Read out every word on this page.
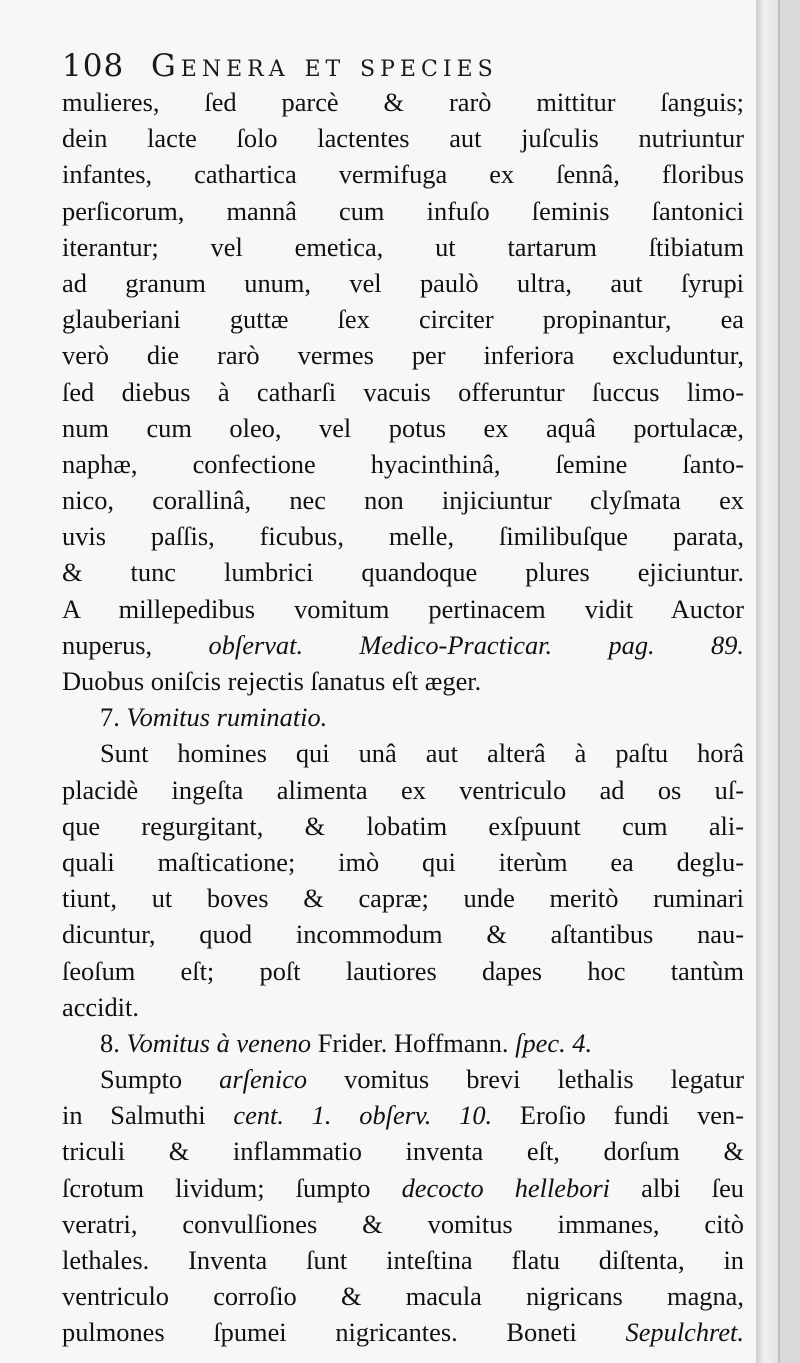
108 Genera et species
mulieres, ſed parcè & rarò mittitur ſanguis;
dein lacte ſolo lactentes aut juſculis nutriuntur
infantes, cathartica vermifuga ex ſennâ, floribus
perſicorum, mannâ cum infuſo ſeminis ſantonici
iterantur; vel emetica, ut tartarum ſtibiatum
ad granum unum, vel paulò ultra, aut ſyrupi
glauberiani guttæ ſex circiter propinantur, ea
verò die rarò vermes per inferiora excluduntur,
ſed diebus à catharſi vacuis offeruntur ſuccus limo-
num cum oleo, vel potus ex aquâ portulacæ,
naphæ, confectione hyacinthinâ, ſemine ſanto-
nico, corallinâ, nec non injiciuntur clyſmata ex
uvis paſſis, ficubus, melle, ſimilibuſque parata,
& tunc lumbrici quandoque plures ejiciuntur.
A millepedibus vomitum pertinacem vidit Auctor
nuperus, obſervat. Medico-Practicar. pag. 89.
Duobus oniſcis rejectis ſanatus eſt æger.
7. Vomitus ruminatio.
Sunt homines qui unâ aut alterâ à paſtu horâ
placidè ingeſta alimenta ex ventriculo ad os uſ-
que regurgitant, & lobatim exſpuunt cum ali-
quali maſticatione; imò qui iterùm ea deglu-
tiunt, ut boves & capræ; unde meritò ruminari
dicuntur, quod incommodum & aſtantibus nau-
ſeoſum eſt; poſt lautiores dapes hoc tantùm
accidit.
8. Vomitus à veneno Frider. Hoffmann. ſpec. 4.
Sumpto arſenico vomitus brevi lethalis legatur
in Salmuthi cent. 1. obſerv. 10. Eroſio fundi ven-
triculi & inflammatio inventa eſt, dorſum &
ſcrotum lividum; ſumpto decocto hellebori albi ſeu
veratri, convulſiones & vomitus immanes, citò
lethales. Inventa ſunt inteſtina flatu diſtenta, in
ventriculo corroſio & macula nigricans magna,
pulmones ſpumei nigricantes. Boneti Sepulchret.
